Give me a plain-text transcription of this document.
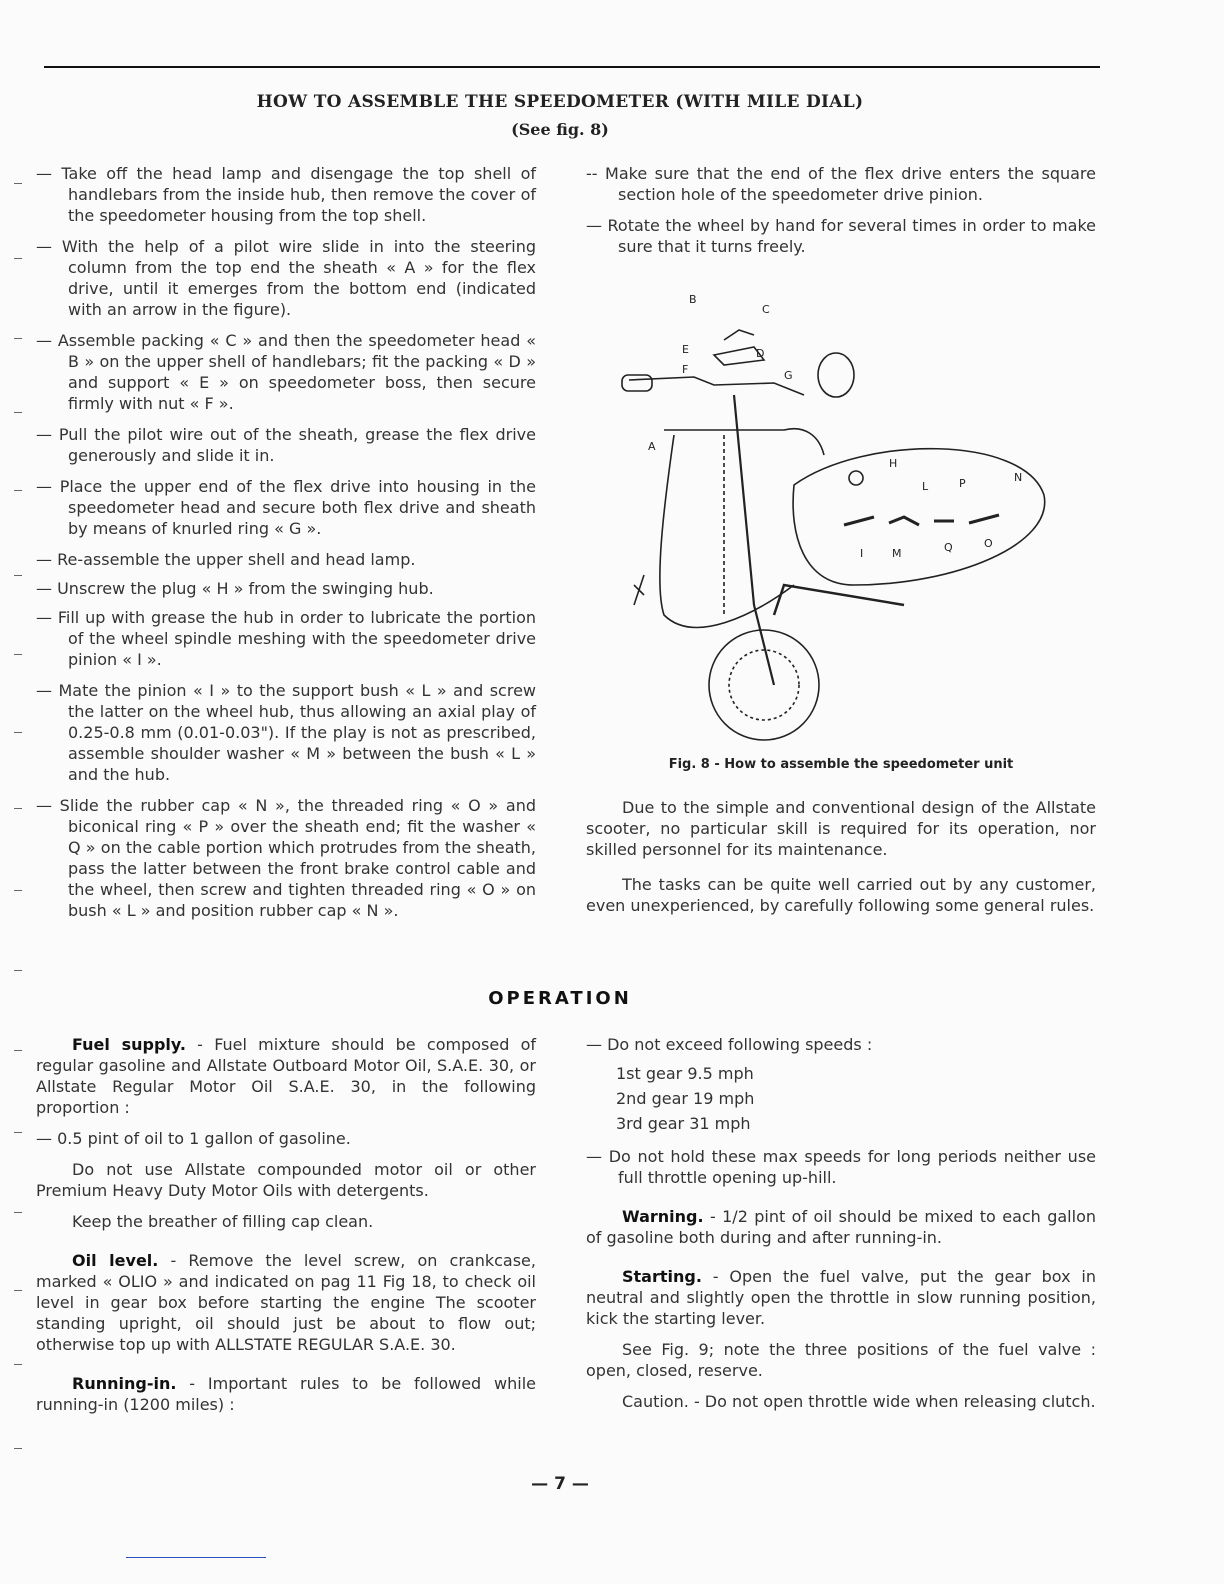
HOW TO ASSEMBLE THE SPEEDOMETER (WITH MILE DIAL)
(See fig. 8)

— Take off the head lamp and disengage the top shell of handlebars from the inside hub, then remove the cover of the speedometer housing from the top shell.

— With the help of a pilot wire slide in into the steering column from the top end the sheath « A » for the flex drive, until it emerges from the bottom end (indicated with an arrow in the figure).

— Assemble packing « C » and then the speedometer head « B » on the upper shell of handlebars; fit the packing « D » and support « E » on speedometer boss, then secure firmly with nut « F ».

— Pull the pilot wire out of the sheath, grease the flex drive generously and slide it in.

— Place the upper end of the flex drive into housing in the speedometer head and secure both flex drive and sheath by means of knurled ring « G ».

— Re-assemble the upper shell and head lamp.

— Unscrew the plug « H » from the swinging hub.

— Fill up with grease the hub in order to lubricate the portion of the wheel spindle meshing with the speedometer drive pinion « I ».

— Mate the pinion « I » to the support bush « L » and screw the latter on the wheel hub, thus allowing an axial play of 0.25-0.8 mm (0.01-0.03"). If the play is not as prescribed, assemble shoulder washer « M » between the bush « L » and the hub.

— Slide the rubber cap « N », the threaded ring « O » and biconical ring « P » over the sheath end; fit the washer « Q » on the cable portion which protrudes from the sheath, pass the latter between the front brake control cable and the wheel, then screw and tighten threaded ring « O » on bush « L » and position rubber cap « N ».

-- Make sure that the end of the flex drive enters the square section hole of the speedometer drive pinion.

— Rotate the wheel by hand for several times in order to make sure that it turns freely.

B
C
E	D
F	G
A
H
L	P	N
I	M	Q	O
Fig. 8 - How to assemble the speedometer unit

Due to the simple and conventional design of the Allstate scooter, no particular skill is required for its operation, nor skilled personnel for its maintenance.

The tasks can be quite well carried out by any customer, even unexperienced, by carefully following some general rules.

OPERATION

Fuel supply. - Fuel mixture should be composed of regular gasoline and Allstate Outboard Motor Oil, S.A.E. 30, or Allstate Regular Motor Oil S.A.E. 30, in the following proportion :

— 0.5 pint of oil to 1 gallon of gasoline.

Do not use Allstate compounded motor oil or other Premium Heavy Duty Motor Oils with detergents.

Keep the breather of filling cap clean.

Oil level. - Remove the level screw, on crankcase, marked « OLIO » and indicated on pag 11 Fig 18, to check oil level in gear box before starting the engine The scooter standing upright, oil should just be about to flow out; otherwise top up with ALLSTATE REGULAR S.A.E. 30.

Running-in. - Important rules to be followed while running-in (1200 miles) :

— Do not exceed following speeds :

1st gear 9.5 mph

2nd gear 19 mph

3rd gear 31 mph

— Do not hold these max speeds for long periods neither use full throttle opening up-hill.

Warning. - 1/2 pint of oil should be mixed to each gallon of gasoline both during and after running-in.

Starting. - Open the fuel valve, put the gear box in neutral and slightly open the throttle in slow running position, kick the starting lever.

See Fig. 9; note the three positions of the fuel valve : open, closed, reserve.

Caution. - Do not open throttle wide when releasing clutch.

— 7 —
